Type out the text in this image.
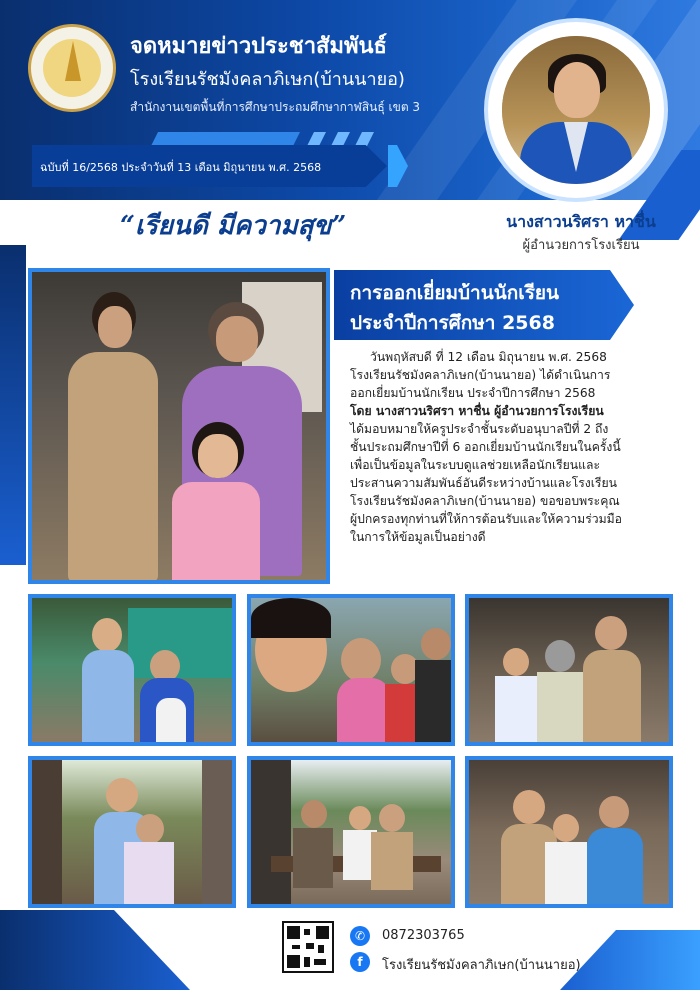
จดหมายข่าวประชาสัมพันธ์
โรงเรียนรัชมังคลาภิเษก(บ้านนายอ)
สำนักงานเขตพื้นที่การศึกษาประถมศึกษากาฬสินธุ์ เขต 3
ฉบับที่ 16/2568 ประจำวันที่ 13 เดือน มิถุนายน พ.ศ. 2568
นางสาวนริศรา หาชื่น
ผู้อำนวยการโรงเรียน
“เรียนดี มีความสุข”
การออกเยี่ยมบ้านนักเรียน
ประจำปีการศึกษา 2568

วันพฤหัสบดี ที่ 12 เดือน มิถุนายน พ.ศ. 2568

โรงเรียนรัชมังคลาภิเษก(บ้านนายอ) ได้ดำเนินการ

ออกเยี่ยมบ้านนักเรียน ประจำปีการศึกษา 2568

โดย นางสาวนริศรา หาชื่น ผู้อำนวยการโรงเรียน

ได้มอบหมายให้ครูประจำชั้นระดับอนุบาลปีที่ 2 ถึง

ชั้นประถมศึกษาปีที่ 6 ออกเยี่ยมบ้านนักเรียนในครั้งนี้

เพื่อเป็นข้อมูลในระบบดูแลช่วยเหลือนักเรียนและ

ประสานความสัมพันธ์อันดีระหว่างบ้านและโรงเรียน

โรงเรียนรัชมังคลาภิเษก(บ้านนายอ) ขอขอบพระคุณ

ผู้ปกครองทุกท่านที่ให้การต้อนรับและให้ความร่วมมือ

ในการให้ข้อมูลเป็นอย่างดี

✆	0872303765
f	โรงเรียนรัชมังคลาภิเษก(บ้านนายอ)
